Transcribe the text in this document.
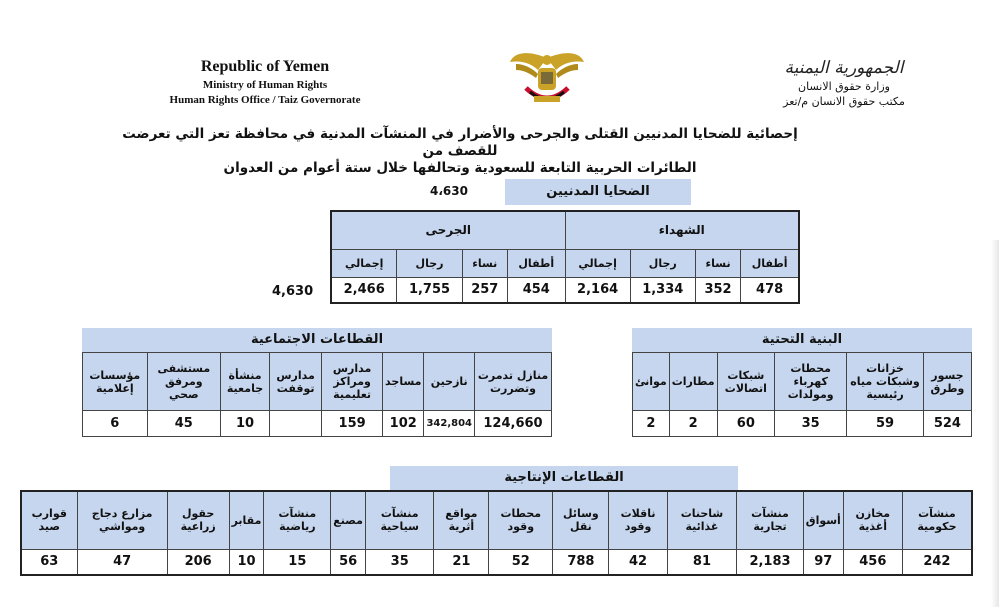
Republic of Yemen
Ministry of Human Rights
Human Rights Office / Taiz Governorate
الجمهورية اليمنية
وزارة حقوق الانسان
مكتب حقوق الانسان م/تعز
إحصائية للضحايا المدنيين القتلى والجرحى والأضرار في المنشآت المدنية في محافظة تعز التي تعرضت للقصف من
الطائرات الحربية التابعة للسعودية وتحالفها خلال ستة أعوام من العدوان
الضحايا المدنيين
4،630
4,630
الشهداء				الجرحى			
أطفال	نساء	رجال	إجمالي	أطفال	نساء	رجال	إجمالي
478	352	1,334	2,164	454	257	1,755	2,466
البنية التحتية
جسور وطرق	خزانات وشبكات مياه رئيسية	محطات كهرباء ومولدات	شبكات اتصالات	مطارات	موانئ
524	59	35	60	2	2
القطاعات الاجتماعية
منازل تدمرت وتضررت	نازحين	مساجد	مدارس ومراكز تعليمية	مدارس توقفت	منشأة جامعية	مستشفى ومرفق صحي	مؤسسات إعلامية
124,660	342,804	102	159		10	45	6
القطاعات الإنتاجية
منشآت حكومية	مخازن أغذية	أسواق	منشآت تجارية	شاحنات غذائية	ناقلات وقود	وسائل نقل	محطات وقود	مواقع أثرية	منشآت سياحية	مصنع	منشآت رياضية	مقابر	حقول زراعية	مزارع دجاج ومواشي	قوارب صيد
242	456	97	2,183	81	42	788	52	21	35	56	15	10	206	47	63
